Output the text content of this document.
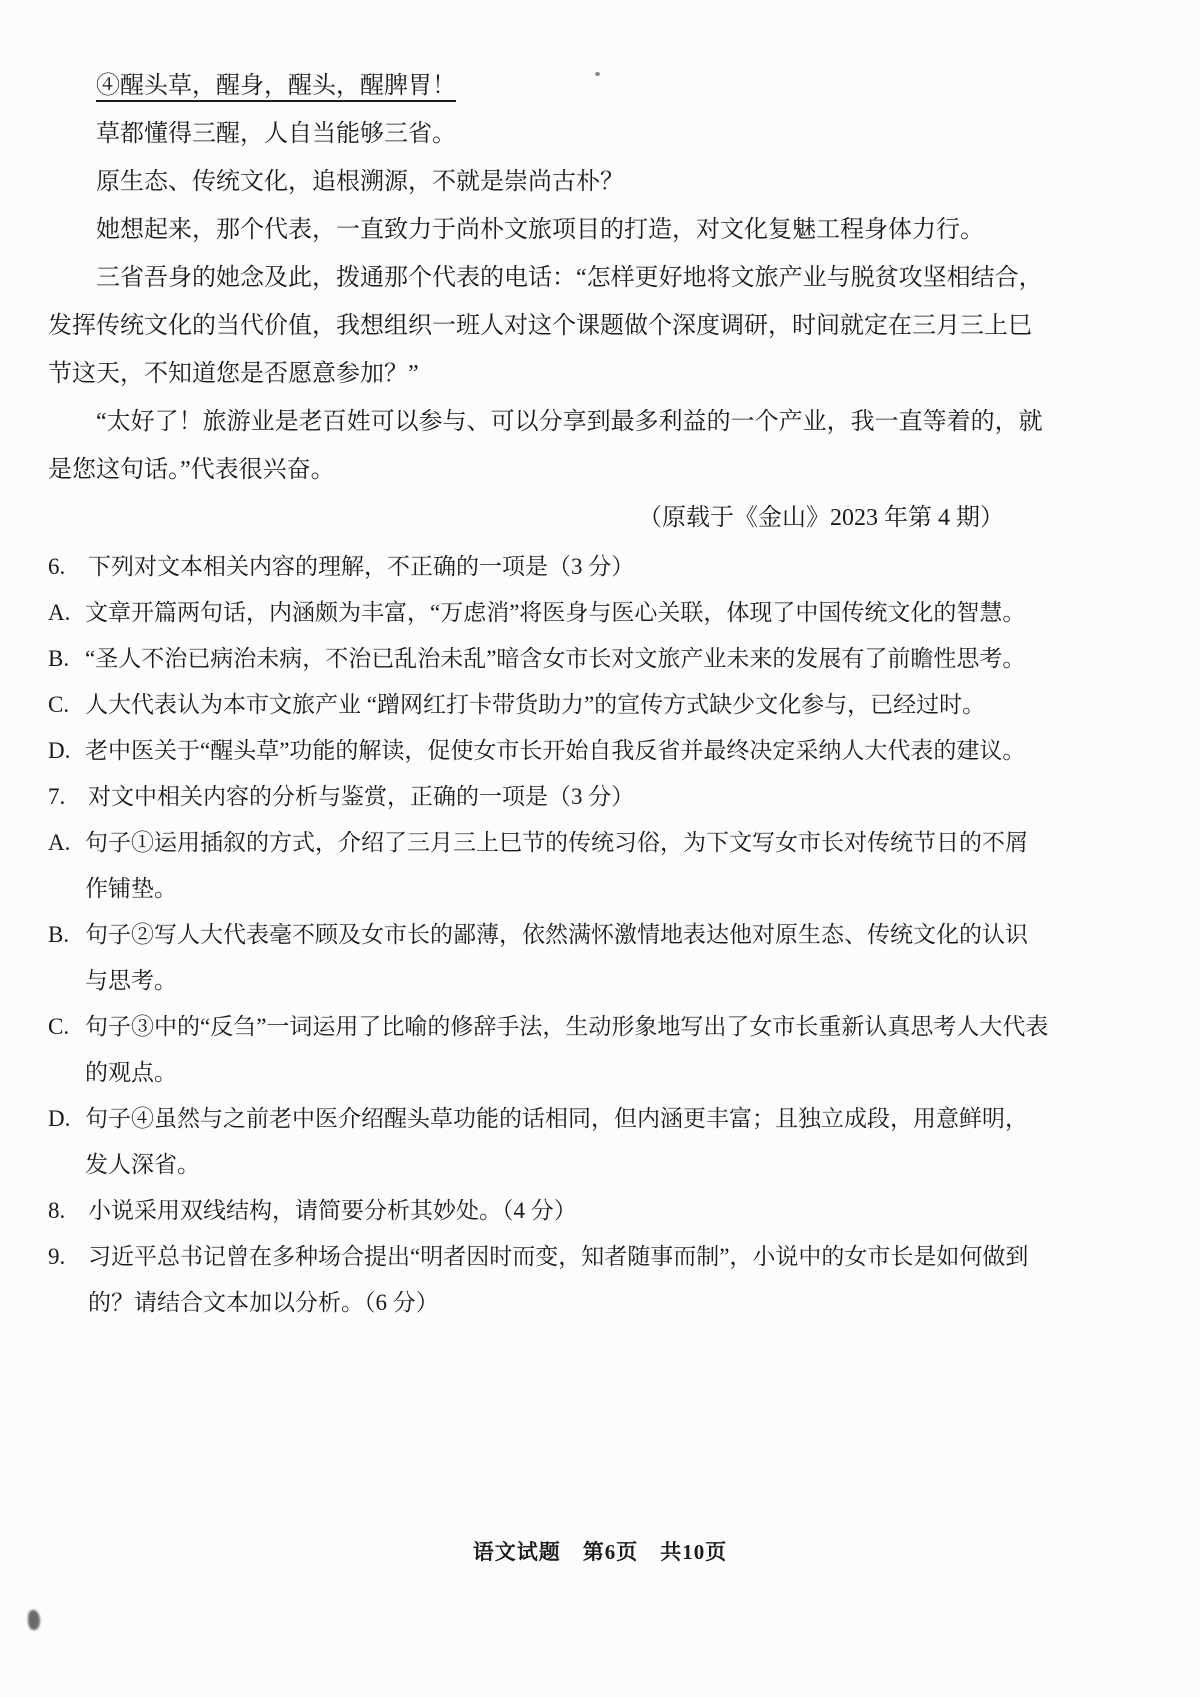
④醒头草，醒身，醒头，醒脾胃！

草都懂得三醒，人自当能够三省。

原生态、传统文化，追根溯源，不就是崇尚古朴？

她想起来，那个代表，一直致力于尚朴文旅项目的打造，对文化复魅工程身体力行。

三省吾身的她念及此，拨通那个代表的电话：“怎样更好地将文旅产业与脱贫攻坚相结合，发挥传统文化的当代价值，我想组织一班人对这个课题做个深度调研，时间就定在三月三上巳节这天，不知道您是否愿意参加？”

“太好了！旅游业是老百姓可以参与、可以分享到最多利益的一个产业，我一直等着的，就是您这句话。”代表很兴奋。

（原载于《金山》2023 年第 4 期）

6. 下列对文本相关内容的理解，不正确的一项是（3 分）

A. 文章开篇两句话，内涵颇为丰富，“万虑消”将医身与医心关联，体现了中国传统文化的智慧。

B. “圣人不治已病治未病，不治已乱治未乱”暗含女市长对文旅产业未来的发展有了前瞻性思考。

C. 人大代表认为本市文旅产业 “蹭网红打卡带货助力”的宣传方式缺少文化参与，已经过时。

D. 老中医关于“醒头草”功能的解读，促使女市长开始自我反省并最终决定采纳人大代表的建议。

7. 对文中相关内容的分析与鉴赏，正确的一项是（3 分）

A. 句子①运用插叙的方式，介绍了三月三上巳节的传统习俗，为下文写女市长对传统节日的不屑作铺垫。

B. 句子②写人大代表毫不顾及女市长的鄙薄，依然满怀激情地表达他对原生态、传统文化的认识与思考。

C. 句子③中的“反刍”一词运用了比喻的修辞手法，生动形象地写出了女市长重新认真思考人大代表的观点。

D. 句子④虽然与之前老中医介绍醒头草功能的话相同，但内涵更丰富；且独立成段，用意鲜明，发人深省。

8. 小说采用双线结构，请简要分析其妙处。（4 分）

9. 习近平总书记曾在多种场合提出“明者因时而变，知者随事而制”，小说中的女市长是如何做到的？请结合文本加以分析。（6 分）

语文试题　第6页　共10页
